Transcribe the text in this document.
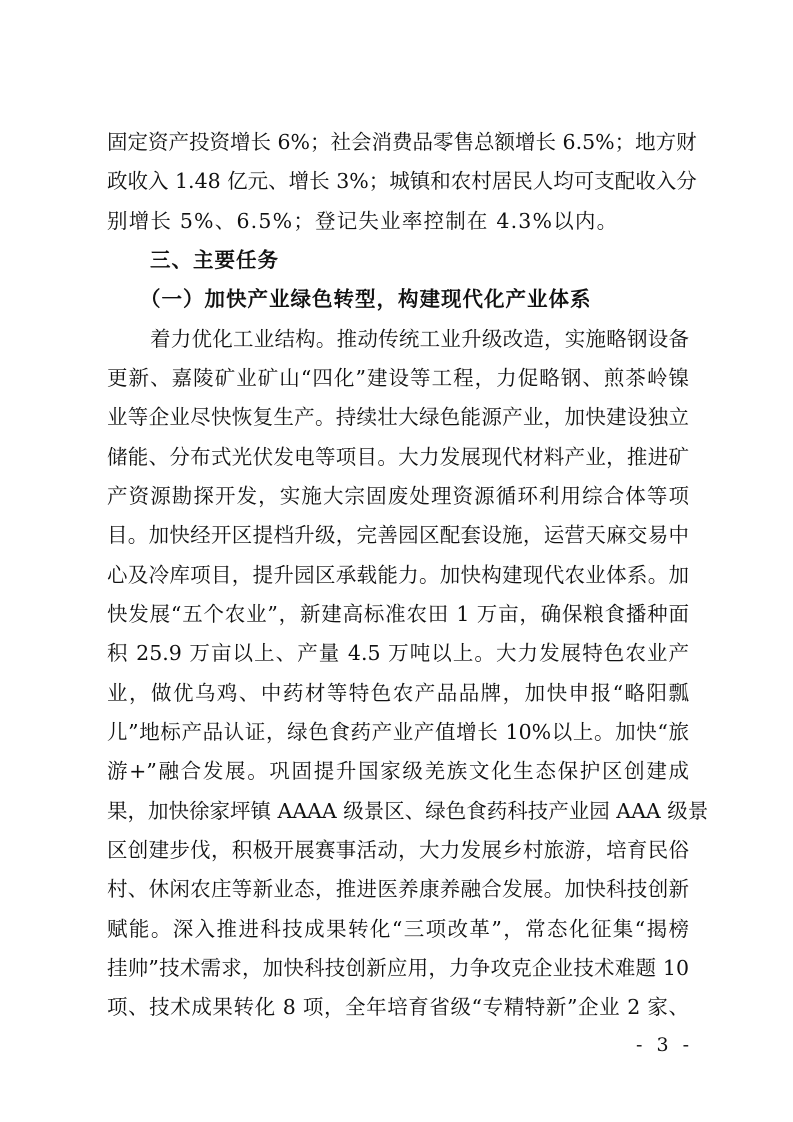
固定资产投资增长 6%；社会消费品零售总额增长 6.5%；地方财
政收入 1.48 亿元、增长 3%；城镇和农村居民人均可支配收入分
别增长 5%、6.5%；登记失业率控制在 4.3%以内。
三、主要任务
（一）加快产业绿色转型，构建现代化产业体系
着力优化工业结构。推动传统工业升级改造，实施略钢设备
更新、嘉陵矿业矿山“四化”建设等工程，力促略钢、煎茶岭镍
业等企业尽快恢复生产。持续壮大绿色能源产业，加快建设独立
储能、分布式光伏发电等项目。大力发展现代材料产业，推进矿
产资源勘探开发，实施大宗固废处理资源循环利用综合体等项
目。加快经开区提档升级，完善园区配套设施，运营天麻交易中
心及冷库项目，提升园区承载能力。加快构建现代农业体系。加
快发展“五个农业”，新建高标准农田 1 万亩，确保粮食播种面
积 25.9 万亩以上、产量 4.5 万吨以上。大力发展特色农业产
业，做优乌鸡、中药材等特色农产品品牌，加快申报“略阳瓢
儿”地标产品认证，绿色食药产业产值增长 10%以上。加快“旅
游+”融合发展。巩固提升国家级羌族文化生态保护区创建成
果，加快徐家坪镇 AAAA 级景区、绿色食药科技产业园 AAA 级景
区创建步伐，积极开展赛事活动，大力发展乡村旅游，培育民俗
村、休闲农庄等新业态，推进医养康养融合发展。加快科技创新
赋能。深入推进科技成果转化“三项改革”，常态化征集“揭榜
挂帅”技术需求，加快科技创新应用，力争攻克企业技术难题 10
项、技术成果转化 8 项，全年培育省级“专精特新”企业 2 家、
- 3 -
